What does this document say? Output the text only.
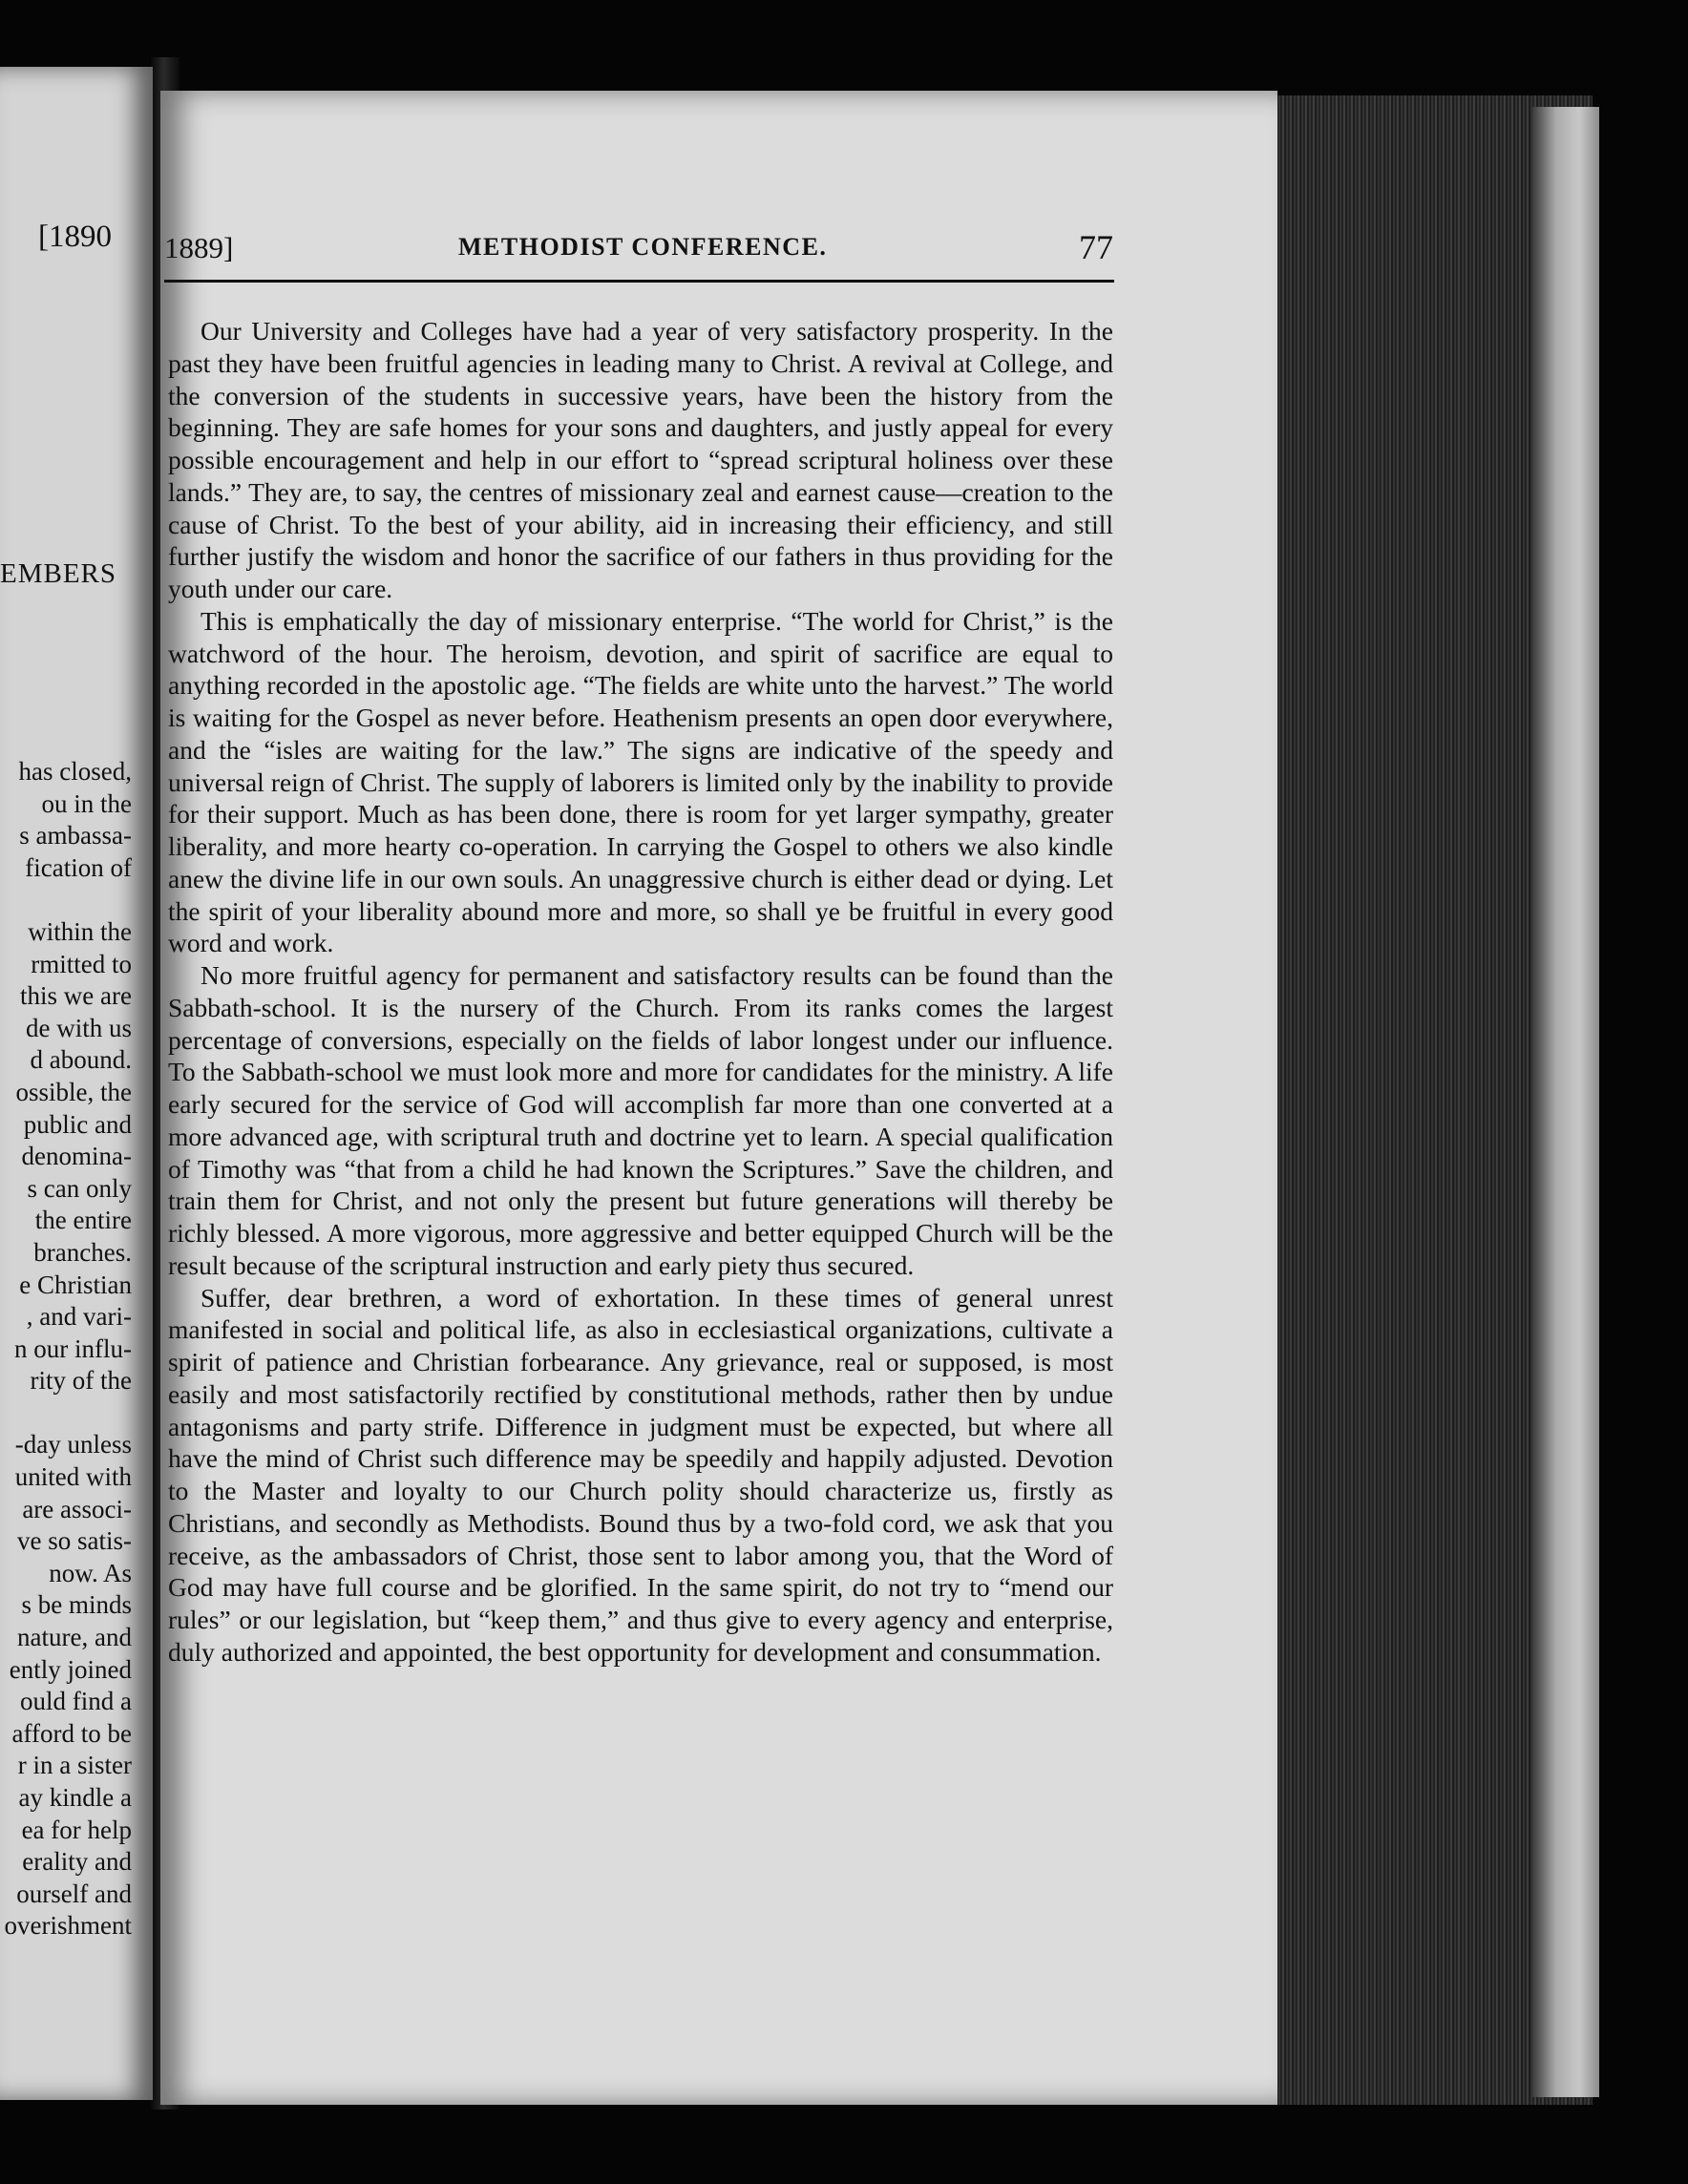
[1890
EMBERS
has closed,
ou in the
s ambassa-
fication of
within the
rmitted to
this we are
de with us
d abound.
ossible, the
public and
denomina-
s can only
the entire
branches.
e Christian
, and vari-
n our influ-
rity of the
-day unless
united with
are associ-
ve so satis-
now. As
s be minds
nature, and
ently joined
ould find a
afford to be
r in a sister
ay kindle a
ea for help
erality and
ourself and
overishment
1889]	METHODIST CONFERENCE.	77

Our University and Colleges have had a year of very satisfactory prosperity. In the past they have been fruitful agencies in leading many to Christ. A revival at College, and the conversion of the students in successive years, have been the history from the beginning. They are safe homes for your sons and daughters, and justly appeal for every possible encouragement and help in our effort to “spread scriptural holiness over these lands.” They are, to say, the centres of missionary zeal and earnest cause—creation to the cause of Christ. To the best of your ability, aid in increasing their efficiency, and still further justify the wisdom and honor the sacrifice of our fathers in thus providing for the youth under our care.

This is emphatically the day of missionary enterprise. “The world for Christ,” is the watchword of the hour. The heroism, devotion, and spirit of sacrifice are equal to anything recorded in the apostolic age. “The fields are white unto the harvest.” The world is waiting for the Gospel as never before. Heathenism presents an open door everywhere, and the “isles are waiting for the law.” The signs are indicative of the speedy and universal reign of Christ. The supply of laborers is limited only by the inability to provide for their support. Much as has been done, there is room for yet larger sympathy, greater liberality, and more hearty co-operation. In carrying the Gospel to others we also kindle anew the divine life in our own souls. An unaggressive church is either dead or dying. Let the spirit of your liberality abound more and more, so shall ye be fruitful in every good word and work.

No more fruitful agency for permanent and satisfactory results can be found than the Sabbath-school. It is the nursery of the Church. From its ranks comes the largest percentage of conversions, especially on the fields of labor longest under our influence. To the Sabbath-school we must look more and more for candidates for the ministry. A life early secured for the service of God will accomplish far more than one converted at a more advanced age, with scriptural truth and doctrine yet to learn. A special qualification of Timothy was “that from a child he had known the Scriptures.” Save the children, and train them for Christ, and not only the present but future generations will thereby be richly blessed. A more vigorous, more aggressive and better equipped Church will be the result because of the scriptural instruction and early piety thus secured.

Suffer, dear brethren, a word of exhortation. In these times of general unrest manifested in social and political life, as also in ecclesiastical organizations, cultivate a spirit of patience and Christian forbearance. Any grievance, real or supposed, is most easily and most satisfactorily rectified by constitutional methods, rather then by undue antagonisms and party strife. Difference in judgment must be expected, but where all have the mind of Christ such difference may be speedily and happily adjusted. Devotion to the Master and loyalty to our Church polity should characterize us, firstly as Christians, and secondly as Methodists. Bound thus by a two-fold cord, we ask that you receive, as the ambassadors of Christ, those sent to labor among you, that the Word of God may have full course and be glorified. In the same spirit, do not try to “mend our rules” or our legislation, but “keep them,” and thus give to every agency and enterprise, duly authorized and appointed, the best opportunity for development and consummation.
